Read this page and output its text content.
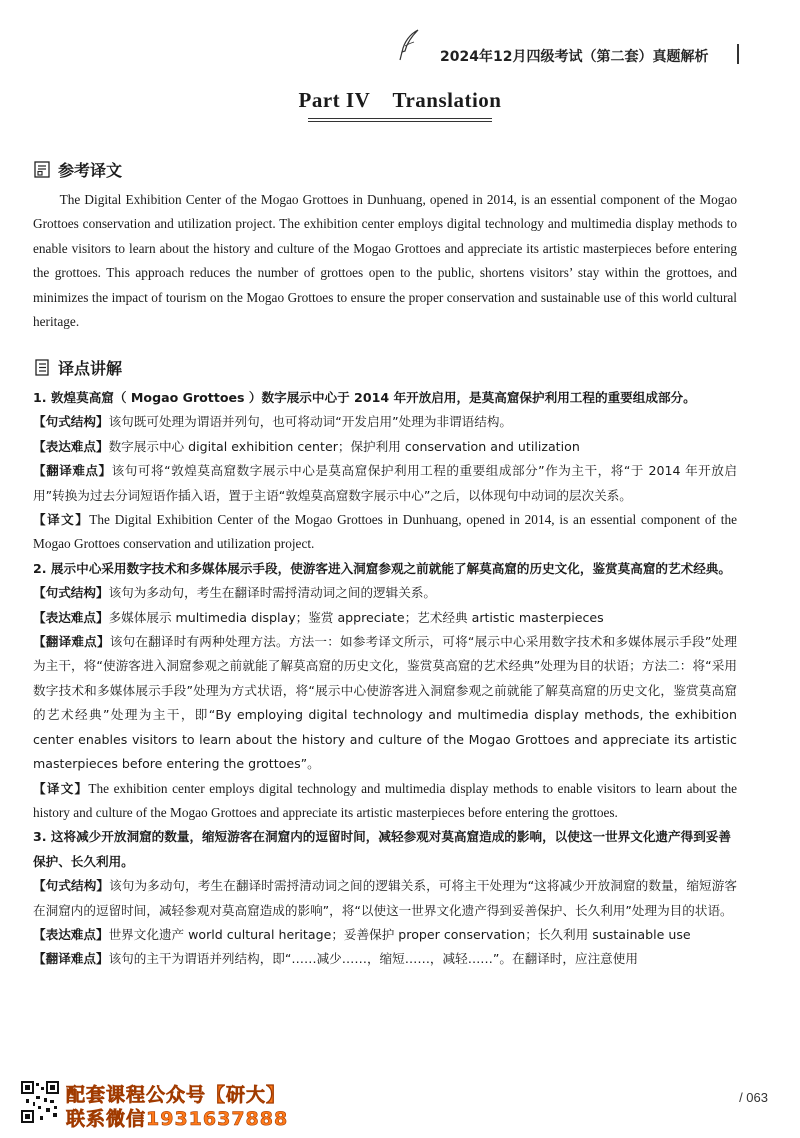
2024年12月四级考试（第二套）真题解析
Part IV    Translation
参考译文

The Digital Exhibition Center of the Mogao Grottoes in Dunhuang, opened in 2014, is an essential component of the Mogao Grottoes conservation and utilization project. The exhibition center employs digital technology and multimedia display methods to enable visitors to learn about the history and culture of the Mogao Grottoes and appreciate its artistic masterpieces before entering the grottoes. This approach reduces the number of grottoes open to the public, shortens visitors’ stay within the grottoes, and minimizes the impact of tourism on the Mogao Grottoes to ensure the proper conservation and sustainable use of this world cultural heritage.

译点讲解

1. 敦煌莫高窟（ Mogao Grottoes ）数字展示中心于 2014 年开放启用，是莫高窟保护利用工程的重要组成部分。

【句式结构】该句既可处理为谓语并列句，也可将动词“开发启用”处理为非谓语结构。

【表达难点】数字展示中心 digital exhibition center；保护利用 conservation and utilization

【翻译难点】该句可将“敦煌莫高窟数字展示中心是莫高窟保护利用工程的重要组成部分”作为主干，将“于 2014 年开放启用”转换为过去分词短语作插入语，置于主语“敦煌莫高窟数字展示中心”之后，以体现句中动词的层次关系。

【译文】The Digital Exhibition Center of the Mogao Grottoes in Dunhuang, opened in 2014, is an essential component of the Mogao Grottoes conservation and utilization project.

2. 展示中心采用数字技术和多媒体展示手段，使游客进入洞窟参观之前就能了解莫高窟的历史文化，鉴赏莫高窟的艺术经典。

【句式结构】该句为多动句，考生在翻译时需捋清动词之间的逻辑关系。

【表达难点】多媒体展示 multimedia display；鉴赏 appreciate；艺术经典 artistic masterpieces

【翻译难点】该句在翻译时有两种处理方法。方法一：如参考译文所示，可将“展示中心采用数字技术和多媒体展示手段”处理为主干，将“使游客进入洞窟参观之前就能了解莫高窟的历史文化，鉴赏莫高窟的艺术经典”处理为目的状语；方法二：将“采用数字技术和多媒体展示手段”处理为方式状语，将“展示中心使游客进入洞窟参观之前就能了解莫高窟的历史文化，鉴赏莫高窟的艺术经典”处理为主干，即“By employing digital technology and multimedia display methods, the exhibition center enables visitors to learn about the history and culture of the Mogao Grottoes and appreciate its artistic masterpieces before entering the grottoes”。

【译文】The exhibition center employs digital technology and multimedia display methods to enable visitors to learn about the history and culture of the Mogao Grottoes and appreciate its artistic masterpieces before entering the grottoes.

3. 这将减少开放洞窟的数量，缩短游客在洞窟内的逗留时间，减轻参观对莫高窟造成的影响，以使这一世界文化遗产得到妥善保护、长久利用。

【句式结构】该句为多动句，考生在翻译时需捋清动词之间的逻辑关系，可将主干处理为“这将减少开放洞窟的数量，缩短游客在洞窟内的逗留时间，减轻参观对莫高窟造成的影响”，将“以使这一世界文化遗产得到妥善保护、长久利用”处理为目的状语。

【表达难点】世界文化遗产 world cultural heritage；妥善保护 proper conservation；长久利用 sustainable use

【翻译难点】该句的主干为谓语并列结构，即“……减少……，缩短……，减轻……”。在翻译时，应注意使用

配套课程公众号【研大】
联系微信1931637888
/ 063
